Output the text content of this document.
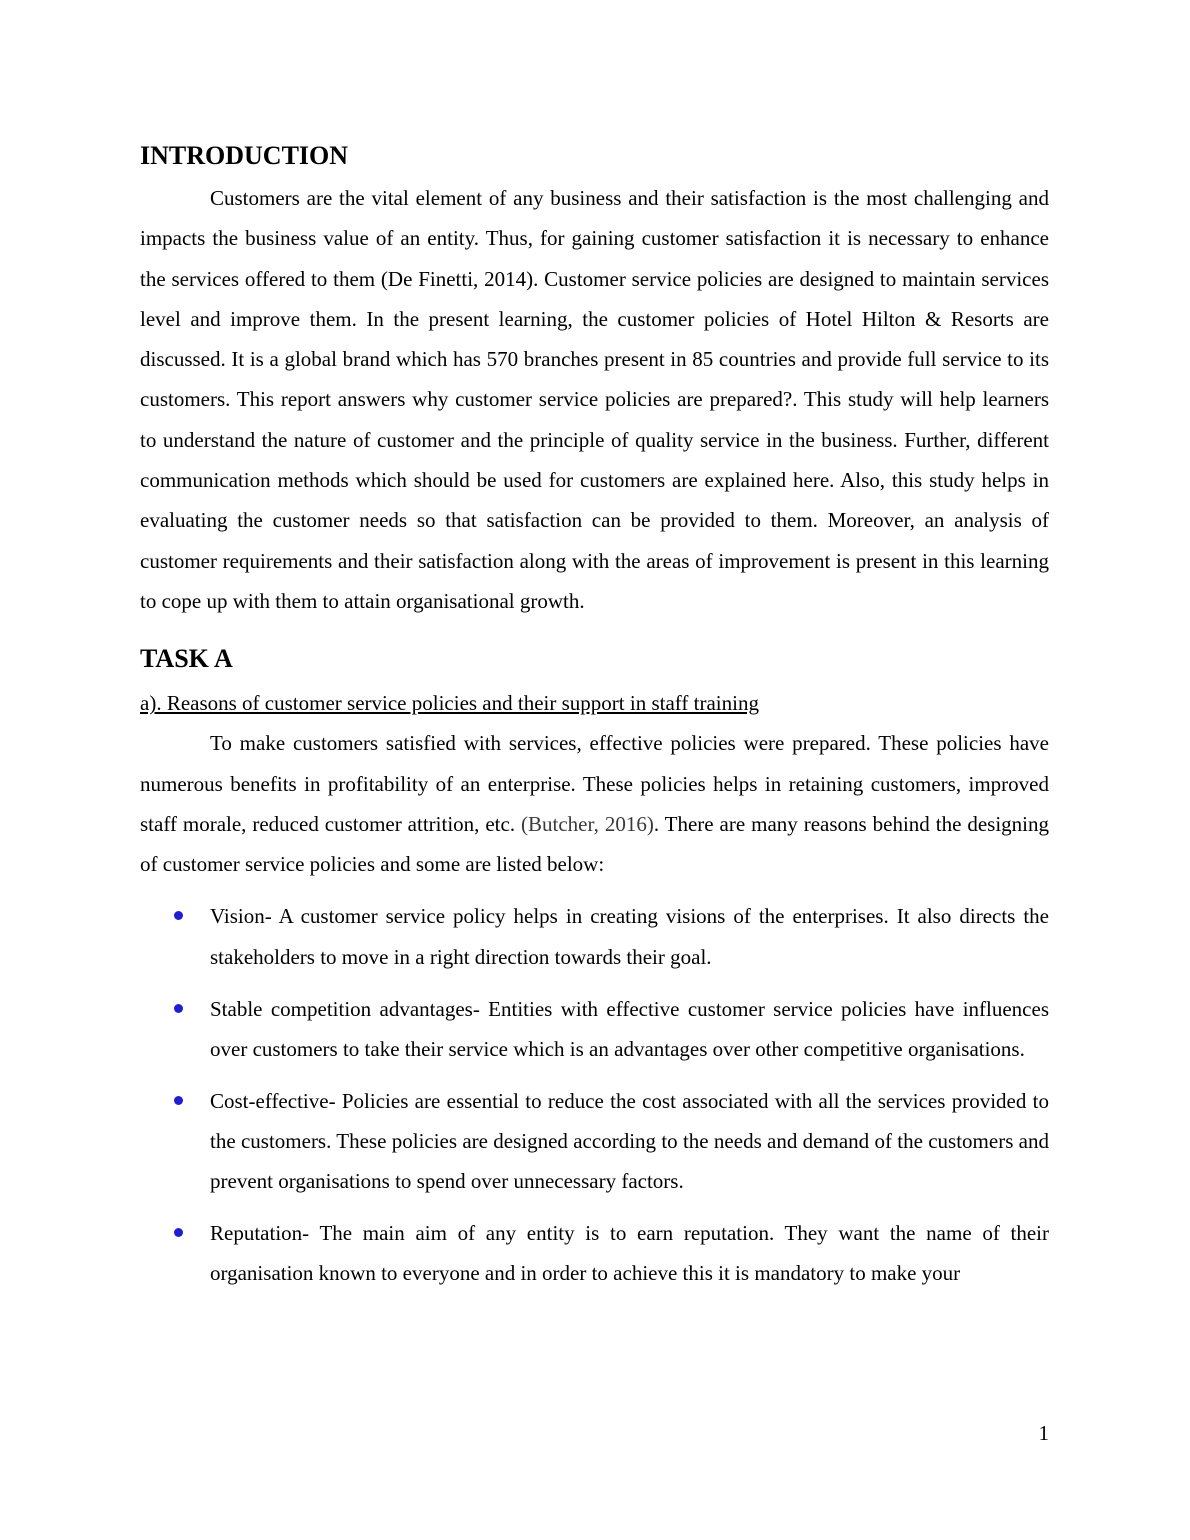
INTRODUCTION

Customers are the vital element of any business and their satisfaction is the most challenging and impacts the business value of an entity. Thus, for gaining customer satisfaction it is necessary to enhance the services offered to them (De Finetti, 2014). Customer service policies are designed to maintain services level and improve them. In the present learning, the customer policies of Hotel Hilton & Resorts are discussed. It is a global brand which has 570 branches present in 85 countries and provide full service to its customers. This report answers why customer service policies are prepared?. This study will help learners to understand the nature of customer and the principle of quality service in the business. Further, different communication methods which should be used for customers are explained here. Also, this study helps in evaluating the customer needs so that satisfaction can be provided to them. Moreover, an analysis of customer requirements and their satisfaction along with the areas of improvement is present in this learning to cope up with them to attain organisational growth.

TASK A
a). Reasons of customer service policies and their support in staff training

To make customers satisfied with services, effective policies were prepared. These policies have numerous benefits in profitability of an enterprise. These policies helps in retaining customers, improved staff morale, reduced customer attrition, etc. (Butcher, 2016). There are many reasons behind the designing of customer service policies and some are listed below:

Vision- A customer service policy helps in creating visions of the enterprises. It also directs the stakeholders to move in a right direction towards their goal.
Stable competition advantages- Entities with effective customer service policies have influences over customers to take their service which is an advantages over other competitive organisations.
Cost-effective- Policies are essential to reduce the cost associated with all the services provided to the customers. These policies are designed according to the needs and demand of the customers and prevent organisations to spend over unnecessary factors.
Reputation- The main aim of any entity is to earn reputation. They want the name of their organisation known to everyone and in order to achieve this it is mandatory to make your
1
